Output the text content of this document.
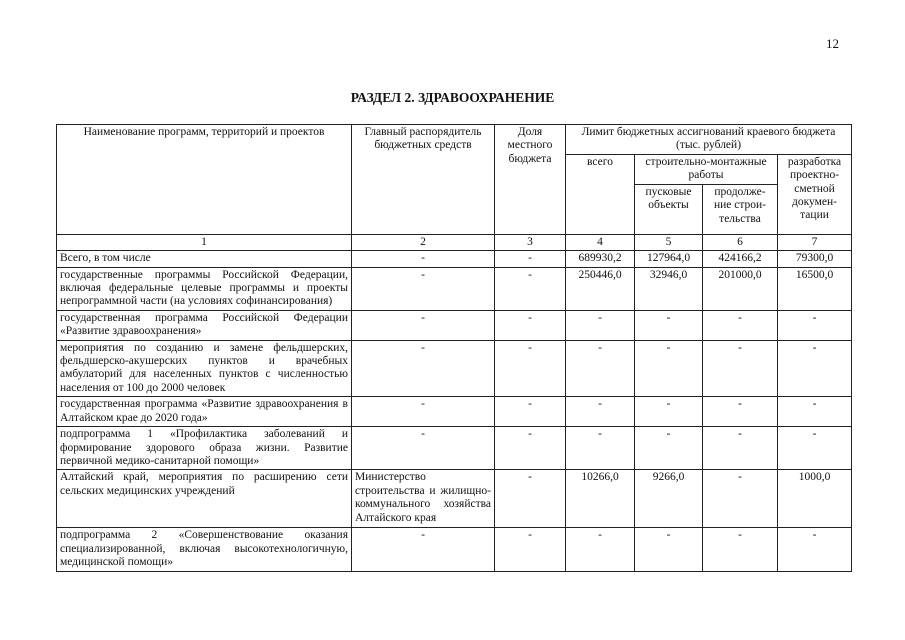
12
РАЗДЕЛ 2. ЗДРАВООХРАНЕНИЕ
Наименование программ, территорий и проектов	Главный распорядитель бюджетных средств	Доля местного бюджета	Лимит бюджетных ассигнований краевого бюджета (тыс. рублей)			
			всего	строительно-монтажные работы		разработка проектно-сметной докумен-тации
				пусковые объекты	продолже-ние строи-тельства	
1	2	3	4	5	6	7
Всего, в том числе	-	-	689930,2	127964,0	424166,2	79300,0
государственные программы Российской Федерации, включая федеральные целевые программы и проекты непрограммной части (на условиях софинансирования)	-	-	250446,0	32946,0	201000,0	16500,0
государственная программа Российской Федерации «Развитие здравоохранения»	-	-	-	-	-	-
мероприятия по созданию и замене фельдшерских, фельдшерско-акушерских пунктов и врачебных амбулаторий для населенных пунктов с численностью населения от 100 до 2000 человек	-	-	-	-	-	-
государственная программа «Развитие здравоохранения в Алтайском крае до 2020 года»	-	-	-	-	-	-
подпрограмма 1 «Профилактика заболеваний и формирование здорового образа жизни. Развитие первичной медико-санитарной помощи»	-	-	-	-	-	-
Алтайский край, мероприятия по расширению сети сельских медицинских учреждений	Министерство строительства и жилищно-коммунального хозяйства Алтайского края	-	10266,0	9266,0	-	1000,0
подпрограмма 2 «Совершенствование оказания специализированной, включая высокотехнологичную, медицинской помощи»	-	-	-	-	-	-
